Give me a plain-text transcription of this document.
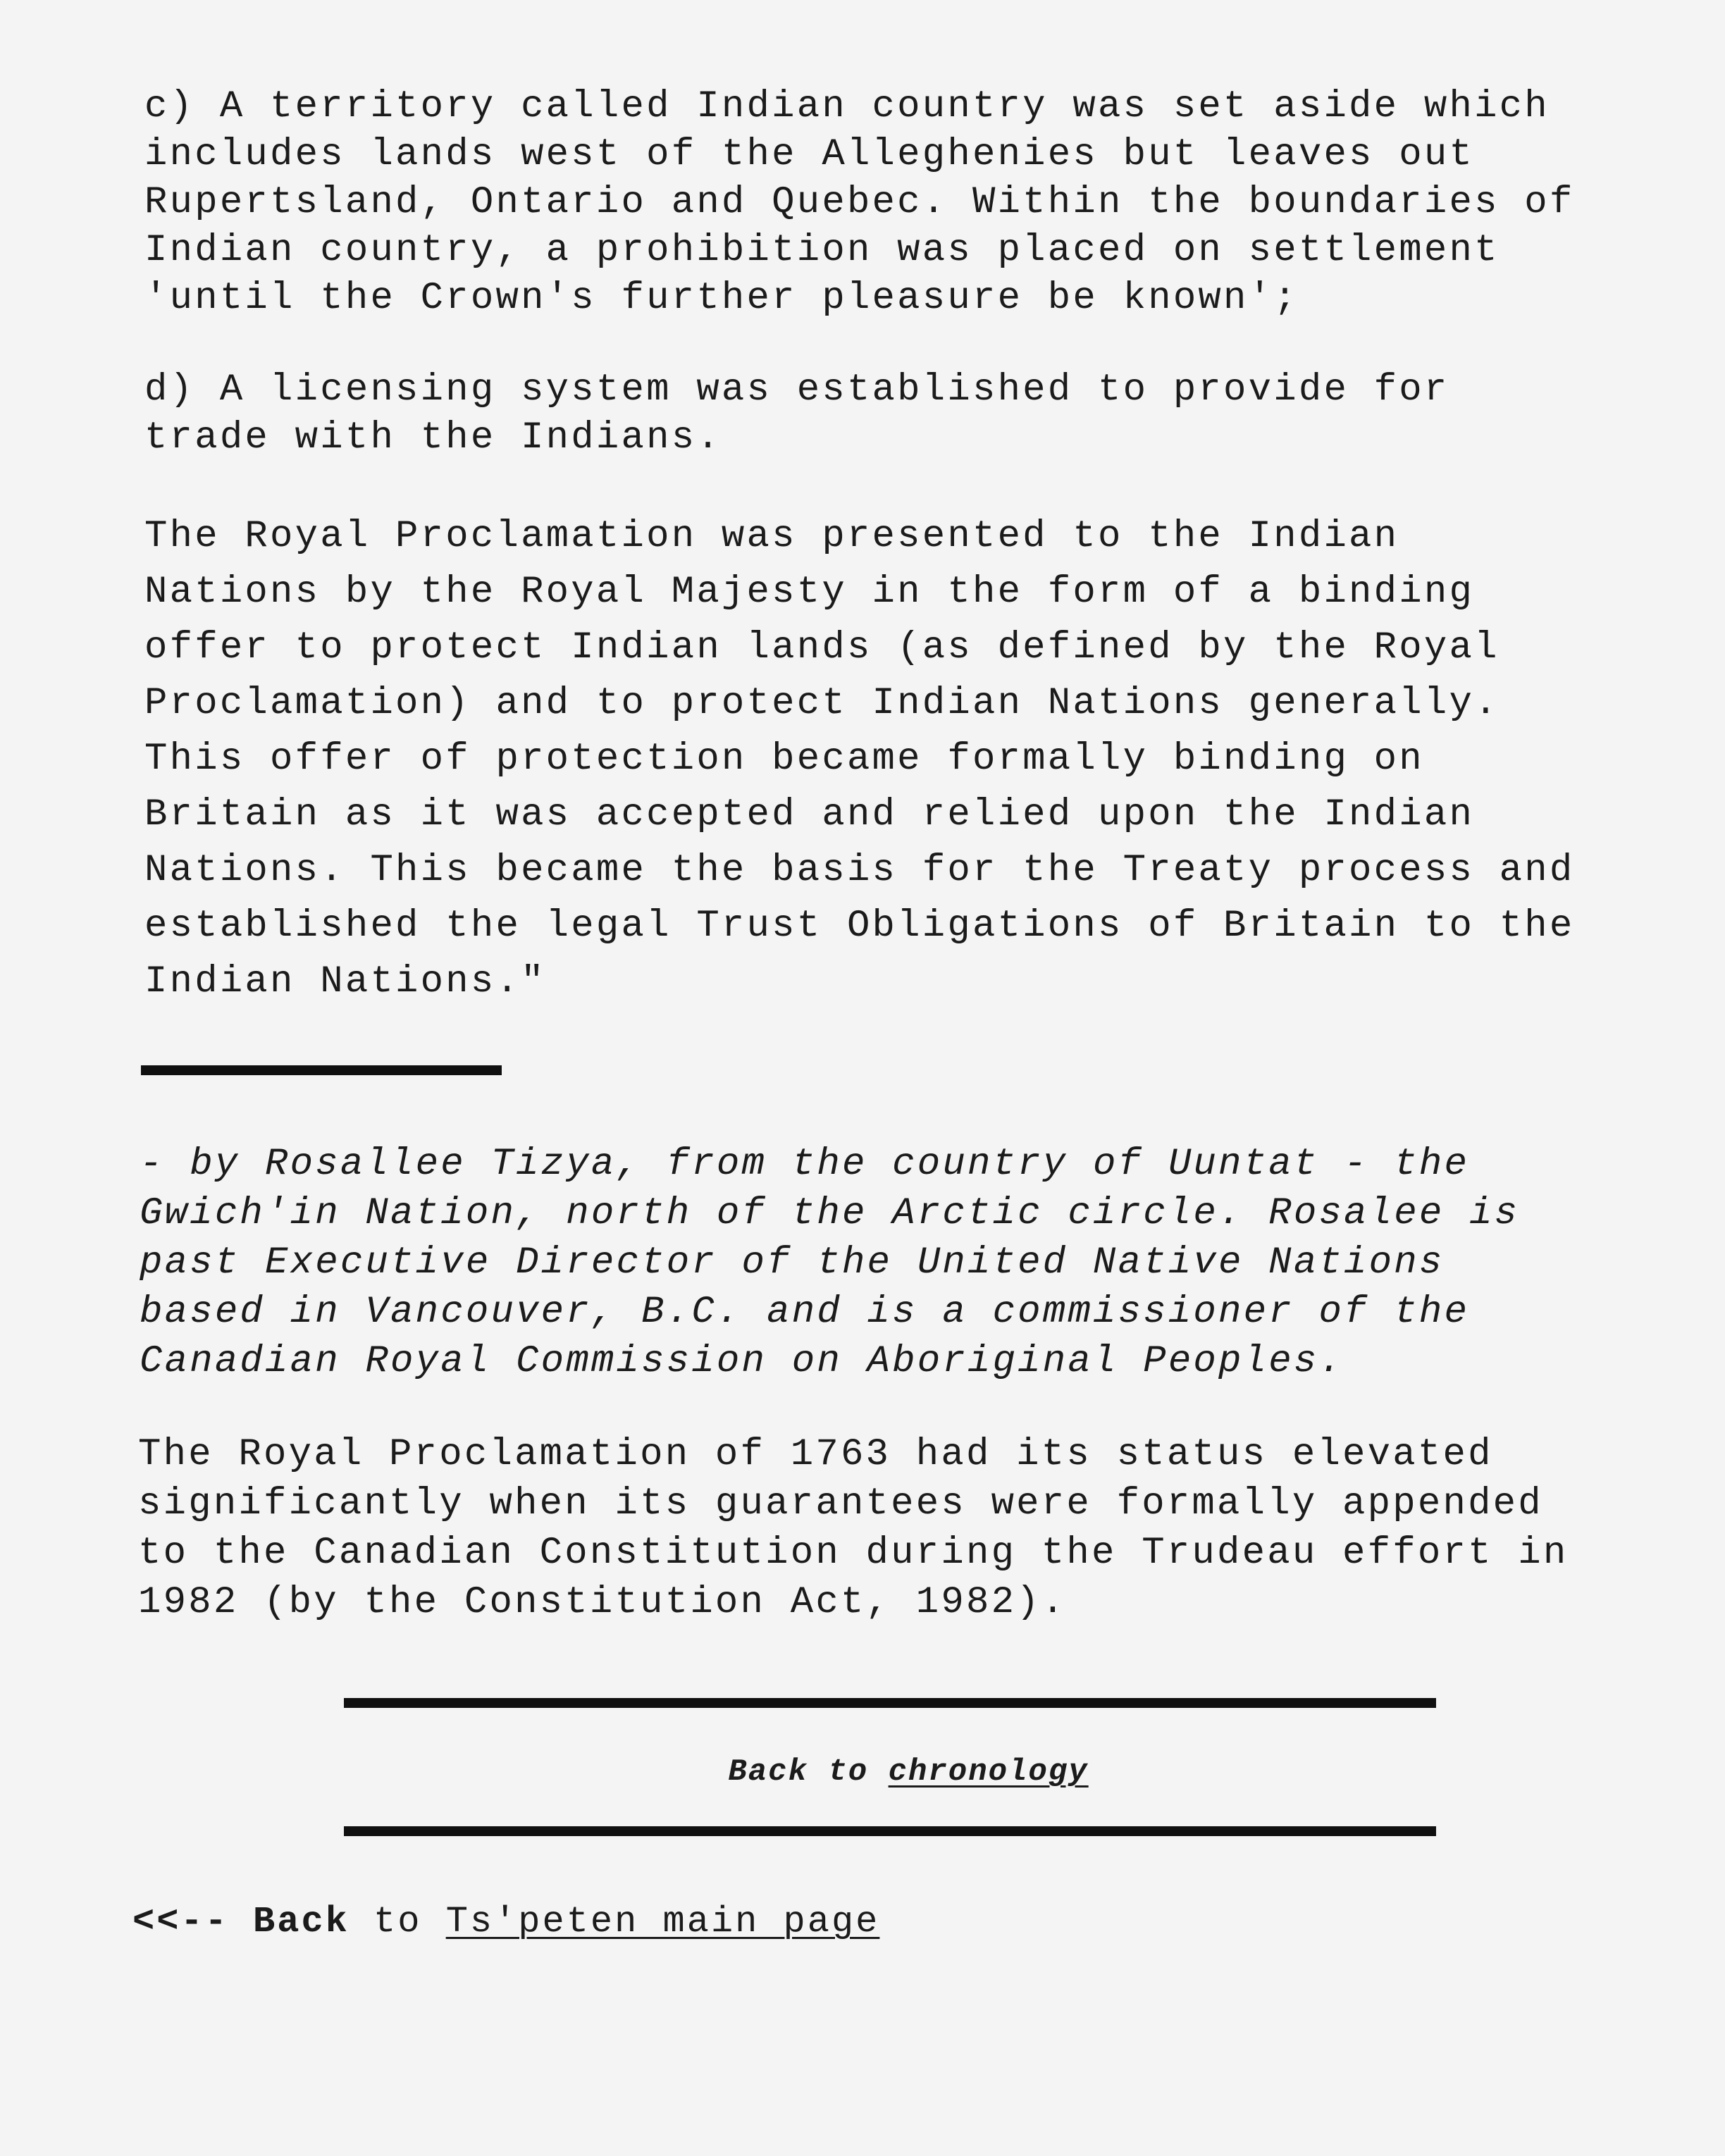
c) A territory called Indian country was set aside which
includes lands west of the Alleghenies but leaves out
Rupertsland, Ontario and Quebec. Within the boundaries of
Indian country, a prohibition was placed on settlement
'until the Crown's further pleasure be known';

d) A licensing system was established to provide for
trade with the Indians.

The Royal Proclamation was presented to the Indian
Nations by the Royal Majesty in the form of a binding
offer to protect Indian lands (as defined by the Royal
Proclamation) and to protect Indian Nations generally.
This offer of protection became formally binding on
Britain as it was accepted and relied upon the Indian
Nations. This became the basis for the Treaty process and
established the legal Trust Obligations of Britain to the
Indian Nations."

- by Rosallee Tizya, from the country of Uuntat - the
Gwich'in Nation, north of the Arctic circle. Rosalee is
past Executive Director of the United Native Nations
based in Vancouver, B.C. and is a commissioner of the
Canadian Royal Commission on Aboriginal Peoples.

The Royal Proclamation of 1763 had its status elevated
significantly when its guarantees were formally appended
to the Canadian Constitution during the Trudeau effort in
1982 (by the Constitution Act, 1982).

Back to chronology

<<-- Back to Ts'peten main page
